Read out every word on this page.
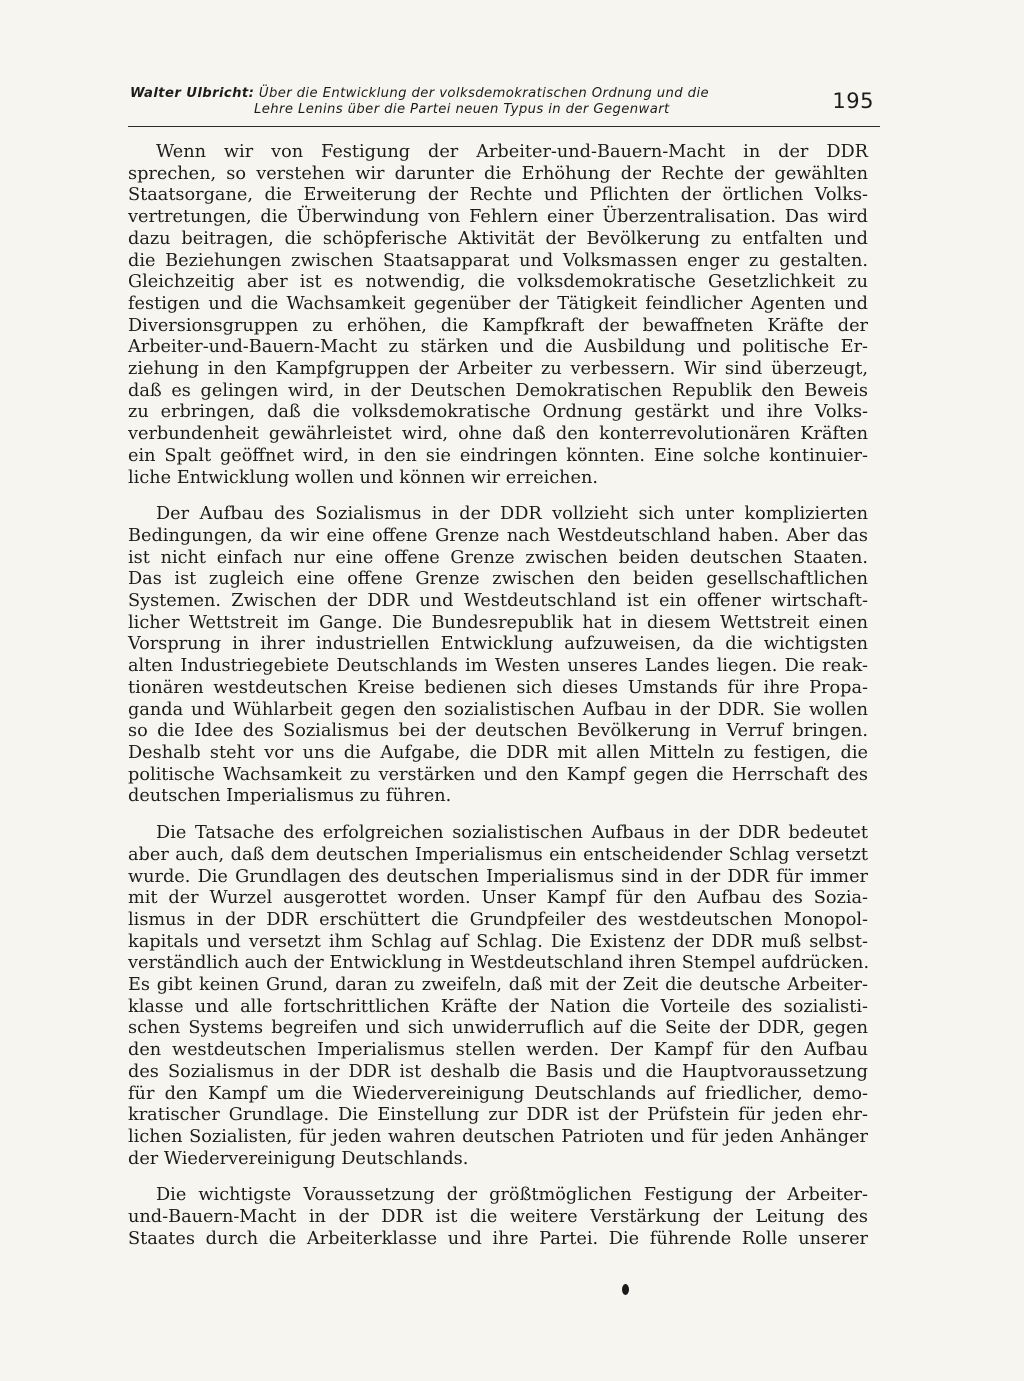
Walter Ulbricht: Über die Entwicklung der volksdemokratischen Ordnung und die
Lehre Lenins über die Partei neuen Typus in der Gegenwart	195
Wenn wir von Festigung der Arbeiter-und-Bauern-Macht in der DDR
sprechen, so verstehen wir darunter die Erhöhung der Rechte der gewählten
Staatsorgane, die Erweiterung der Rechte und Pflichten der örtlichen Volks-
vertretungen, die Überwindung von Fehlern einer Überzentralisation. Das wird
dazu beitragen, die schöpferische Aktivität der Bevölkerung zu entfalten und
die Beziehungen zwischen Staatsapparat und Volksmassen enger zu gestalten.
Gleichzeitig aber ist es notwendig, die volksdemokratische Gesetzlichkeit zu
festigen und die Wachsamkeit gegenüber der Tätigkeit feindlicher Agenten und
Diversionsgruppen zu erhöhen, die Kampfkraft der bewaffneten Kräfte der
Arbeiter-und-Bauern-Macht zu stärken und die Ausbildung und politische Er-
ziehung in den Kampfgruppen der Arbeiter zu verbessern. Wir sind überzeugt,
daß es gelingen wird, in der Deutschen Demokratischen Republik den Beweis
zu erbringen, daß die volksdemokratische Ordnung gestärkt und ihre Volks-
verbundenheit gewährleistet wird, ohne daß den konterrevolutionären Kräften
ein Spalt geöffnet wird, in den sie eindringen könnten. Eine solche kontinuier-
liche Entwicklung wollen und können wir erreichen.
Der Aufbau des Sozialismus in der DDR vollzieht sich unter komplizierten
Bedingungen, da wir eine offene Grenze nach Westdeutschland haben. Aber das
ist nicht einfach nur eine offene Grenze zwischen beiden deutschen Staaten.
Das ist zugleich eine offene Grenze zwischen den beiden gesellschaftlichen
Systemen. Zwischen der DDR und Westdeutschland ist ein offener wirtschaft-
licher Wettstreit im Gange. Die Bundesrepublik hat in diesem Wettstreit einen
Vorsprung in ihrer industriellen Entwicklung aufzuweisen, da die wichtigsten
alten Industriegebiete Deutschlands im Westen unseres Landes liegen. Die reak-
tionären westdeutschen Kreise bedienen sich dieses Umstands für ihre Propa-
ganda und Wühlarbeit gegen den sozialistischen Aufbau in der DDR. Sie wollen
so die Idee des Sozialismus bei der deutschen Bevölkerung in Verruf bringen.
Deshalb steht vor uns die Aufgabe, die DDR mit allen Mitteln zu festigen, die
politische Wachsamkeit zu verstärken und den Kampf gegen die Herrschaft des
deutschen Imperialismus zu führen.
Die Tatsache des erfolgreichen sozialistischen Aufbaus in der DDR bedeutet
aber auch, daß dem deutschen Imperialismus ein entscheidender Schlag versetzt
wurde. Die Grundlagen des deutschen Imperialismus sind in der DDR für immer
mit der Wurzel ausgerottet worden. Unser Kampf für den Aufbau des Sozia-
lismus in der DDR erschüttert die Grundpfeiler des westdeutschen Monopol-
kapitals und versetzt ihm Schlag auf Schlag. Die Existenz der DDR muß selbst-
verständlich auch der Entwicklung in Westdeutschland ihren Stempel aufdrücken.
Es gibt keinen Grund, daran zu zweifeln, daß mit der Zeit die deutsche Arbeiter-
klasse und alle fortschrittlichen Kräfte der Nation die Vorteile des sozialisti-
schen Systems begreifen und sich unwiderruflich auf die Seite der DDR, gegen
den westdeutschen Imperialismus stellen werden. Der Kampf für den Aufbau
des Sozialismus in der DDR ist deshalb die Basis und die Hauptvoraussetzung
für den Kampf um die Wiedervereinigung Deutschlands auf friedlicher, demo-
kratischer Grundlage. Die Einstellung zur DDR ist der Prüfstein für jeden ehr-
lichen Sozialisten, für jeden wahren deutschen Patrioten und für jeden Anhänger
der Wiedervereinigung Deutschlands.
Die wichtigste Voraussetzung der größtmöglichen Festigung der Arbeiter-
und-Bauern-Macht in der DDR ist die weitere Verstärkung der Leitung des
Staates durch die Arbeiterklasse und ihre Partei. Die führende Rolle unserer
